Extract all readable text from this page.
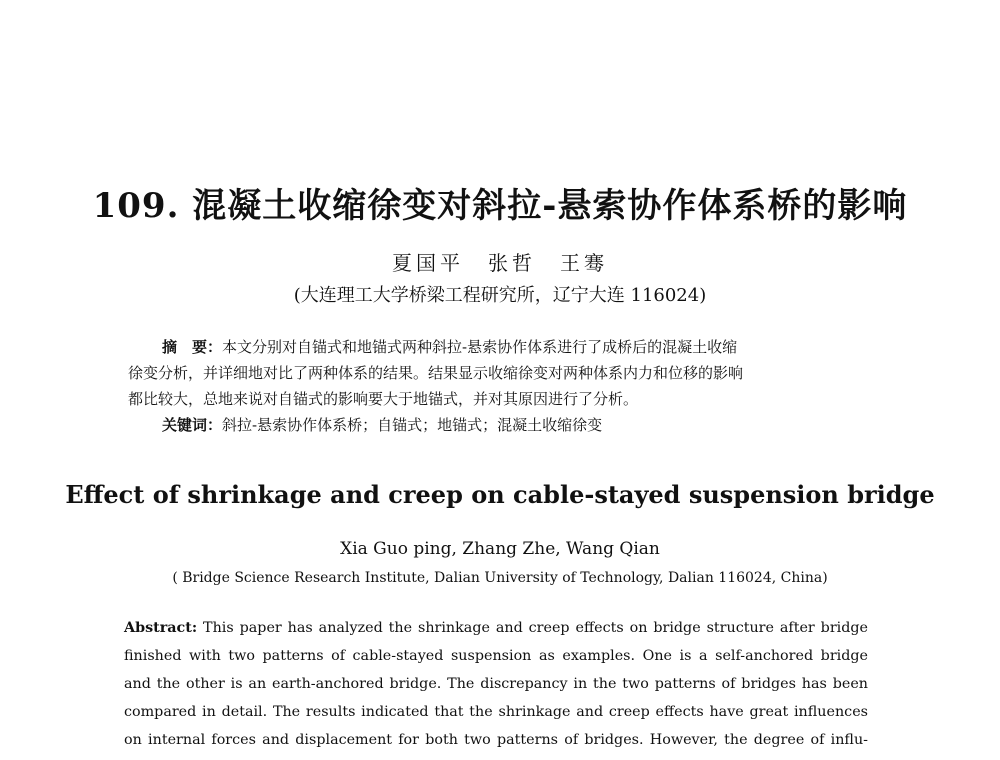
109. 混凝土收缩徐变对斜拉-悬索协作体系桥的影响
夏国平　张哲　王骞
(大连理工大学桥梁工程研究所，辽宁大连 116024)
摘　要：本文分别对自锚式和地锚式两种斜拉-悬索协作体系进行了成桥后的混凝土收缩
徐变分析，并详细地对比了两种体系的结果。结果显示收缩徐变对两种体系内力和位移的影响
都比较大，总地来说对自锚式的影响要大于地锚式，并对其原因进行了分析。
关键词：斜拉-悬索协作体系桥；自锚式；地锚式；混凝土收缩徐变
Effect of shrinkage and creep on cable-stayed suspension bridge
Xia Guo ping, Zhang Zhe, Wang Qian
( Bridge Science Research Institute, Dalian University of Technology, Dalian 116024, China)
Abstract: This paper has analyzed the shrinkage and creep effects on bridge structure after bridge
finished with two patterns of cable-stayed suspension as examples. One is a self-anchored bridge
and the other is an earth-anchored bridge. The discrepancy in the two patterns of bridges has been
compared in detail. The results indicated that the shrinkage and creep effects have great influences
on internal forces and displacement for both two patterns of bridges. However, the degree of influ-
